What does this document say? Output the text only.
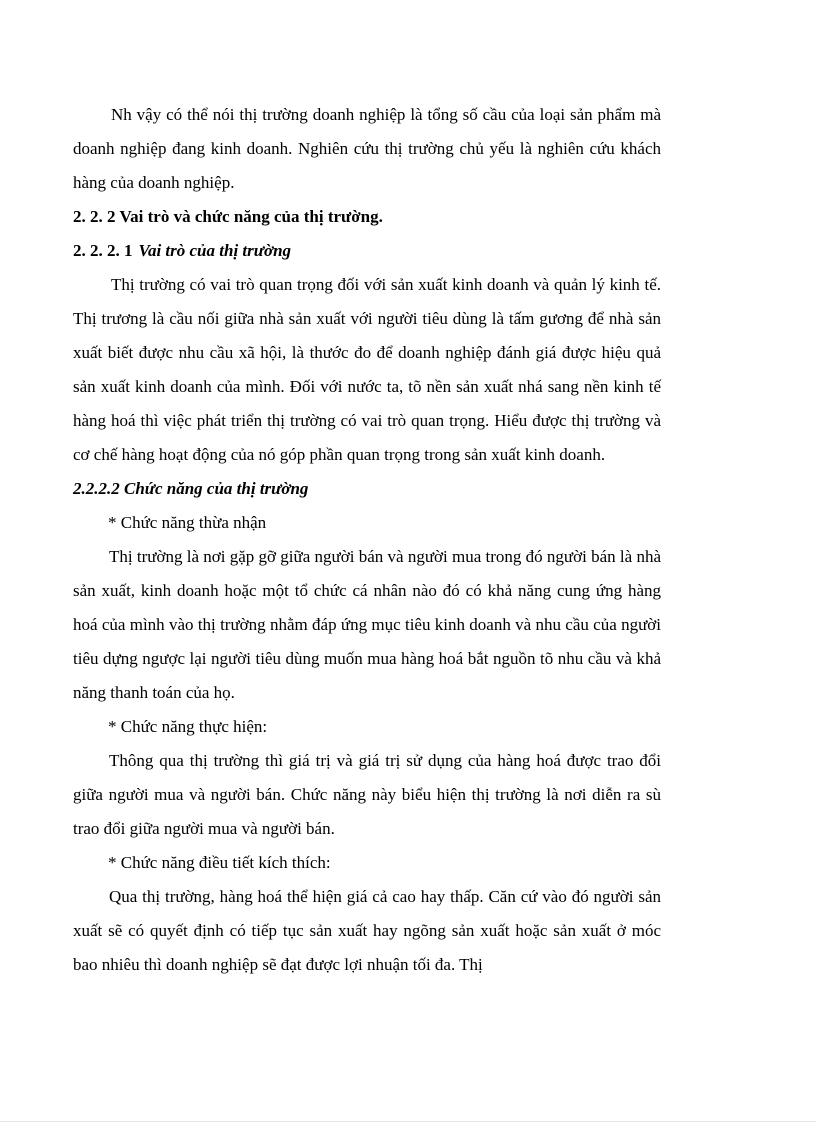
Nh vậy có thể nói thị trường doanh nghiệp là tổng số cầu của loại sản phẩm mà doanh nghiệp đang kinh doanh. Nghiên cứu thị trường chủ yếu là nghiên cứu khách hàng của doanh nghiệp.

2. 2. 2 Vai trò và chức năng của thị trường.

2. 2. 2. 1 Vai trò của thị trường

Thị trường có vai trò quan trọng đối với sản xuất kinh doanh và quản lý kinh tế. Thị trương là cầu nối giữa nhà sản xuất với người tiêu dùng là tấm gương để nhà sản xuất biết được nhu cầu xã hội, là thước đo để doanh nghiệp đánh giá được hiệu quả sản xuất kinh doanh của mình. Đối với nước ta, tõ nền sản xuất nhá sang nền kinh tế hàng hoá thì việc phát triển thị trường có vai trò quan trọng. Hiểu được thị trường và cơ chế hàng hoạt động của nó góp phần quan trọng trong sản xuất kinh doanh.

2.2.2.2 Chức năng của thị trường

* Chức năng thừa nhận

Thị trường là nơi gặp gỡ giữa người bán và người mua trong đó người bán là nhà sản xuất, kinh doanh hoặc một tổ chức cá nhân nào đó có khả năng cung ứng hàng hoá của mình vào thị trường nhằm đáp ứng mục tiêu kinh doanh và nhu cầu của người tiêu dựng ngược lại người tiêu dùng muốn mua hàng hoá bắt nguồn tõ nhu cầu và khả năng thanh toán của họ.

* Chức năng thực hiện:

Thông qua thị trường thì giá trị và giá trị sử dụng của hàng hoá được trao đổi giữa người mua và người bán. Chức năng này biểu hiện thị trường là nơi diễn ra sù trao đổi giữa người mua và người bán.

* Chức năng điều tiết kích thích:

Qua thị trường, hàng hoá thể hiện giá cả cao hay thấp. Căn cứ vào đó người sản xuất sẽ có quyết định có tiếp tục sản xuất hay ngõng sản xuất hoặc sản xuất ở móc bao nhiêu thì doanh nghiệp sẽ đạt được lợi nhuận tối đa. Thị
